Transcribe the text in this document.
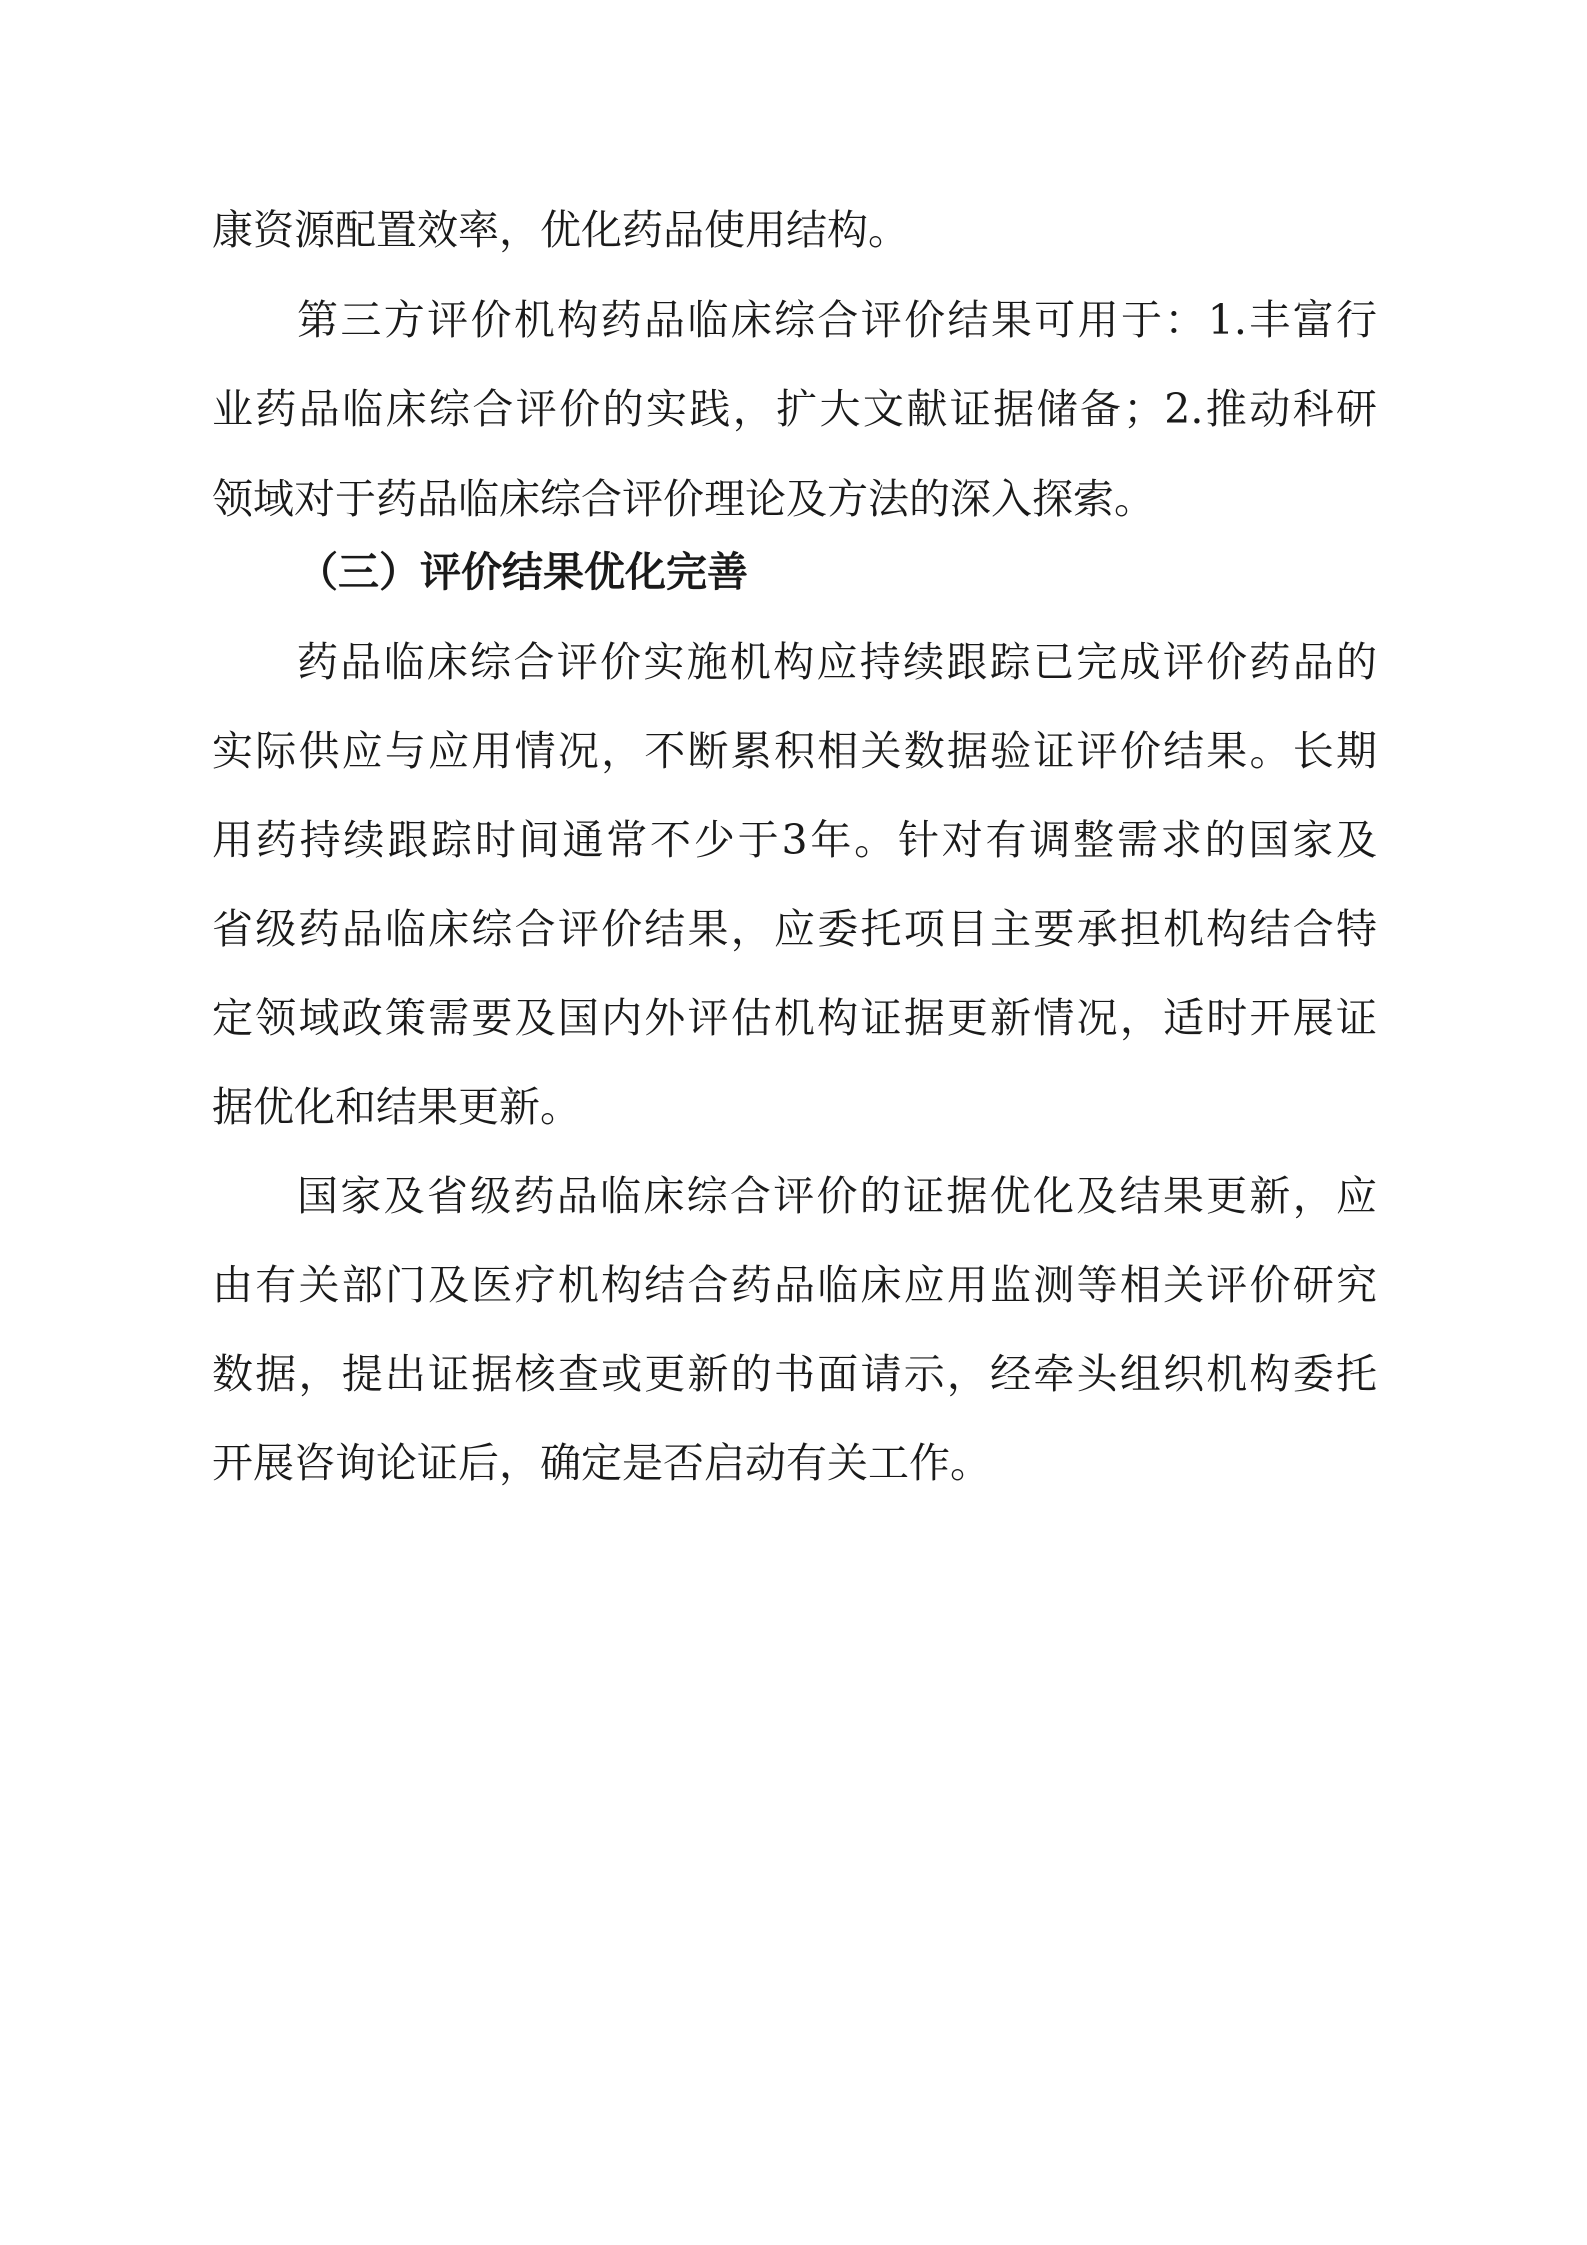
康资源配置效率，优化药品使用结构。
第三方评价机构药品临床综合评价结果可用于：1.丰富行
业药品临床综合评价的实践，扩大文献证据储备；2.推动科研
领域对于药品临床综合评价理论及方法的深入探索。
（三）评价结果优化完善
药品临床综合评价实施机构应持续跟踪已完成评价药品的
实际供应与应用情况，不断累积相关数据验证评价结果。长期
用药持续跟踪时间通常不少于3年。针对有调整需求的国家及
省级药品临床综合评价结果，应委托项目主要承担机构结合特
定领域政策需要及国内外评估机构证据更新情况，适时开展证
据优化和结果更新。
国家及省级药品临床综合评价的证据优化及结果更新，应
由有关部门及医疗机构结合药品临床应用监测等相关评价研究
数据，提出证据核查或更新的书面请示，经牵头组织机构委托
开展咨询论证后，确定是否启动有关工作。
